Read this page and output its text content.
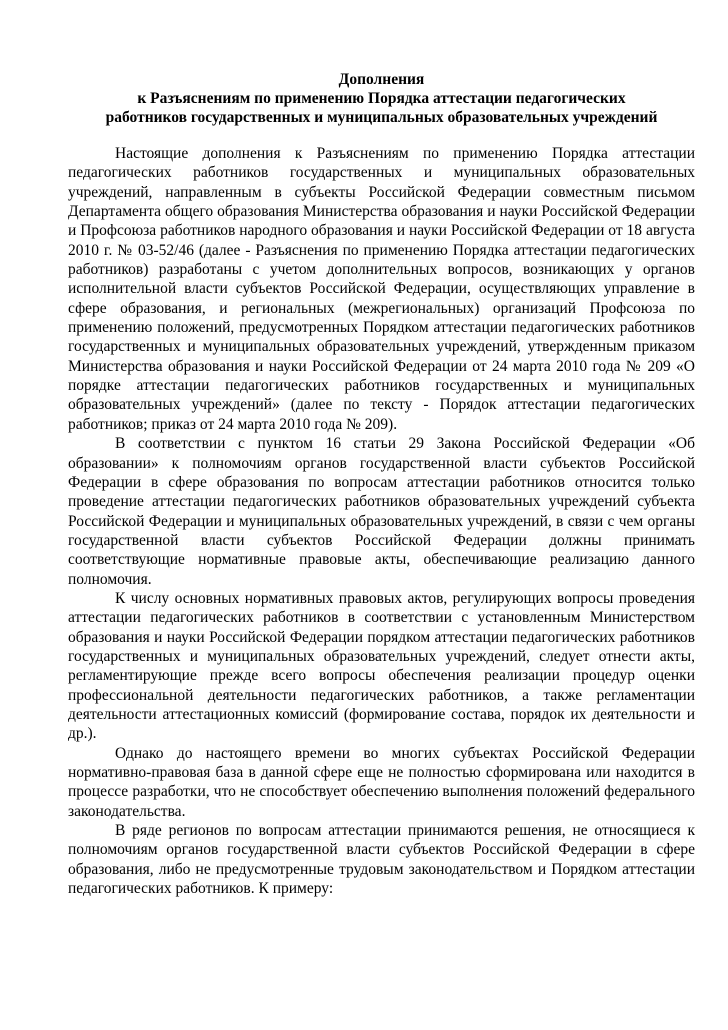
Дополнения
к Разъяснениям по применению Порядка аттестации педагогических
работников государственных и муниципальных образовательных учреждений

Настоящие дополнения к Разъяснениям по применению Порядка аттестации педагогических работников государственных и муниципальных образовательных учреждений, направленным в субъекты Российской Федерации совместным письмом Департамента общего образования Министерства образования и науки Российской Федерации и Профсоюза работников народного образования и науки Российской Федерации от 18 августа 2010 г. № 03-52/46 (далее - Разъяснения по применению Порядка аттестации педагогических работников) разработаны с учетом дополнительных вопросов, возникающих у органов исполнительной власти субъектов Российской Федерации, осуществляющих управление в сфере образования, и региональных (межрегиональных) организаций Профсоюза по применению положений, предусмотренных Порядком аттестации педагогических работников государственных и муниципальных образовательных учреждений, утвержденным приказом Министерства образования и науки Российской Федерации от 24 марта 2010 года № 209 «О порядке аттестации педагогических работников государственных и муниципальных образовательных учреждений» (далее по тексту - Порядок аттестации педагогических работников; приказ от 24 марта 2010 года № 209).

В соответствии с пунктом 16 статьи 29 Закона Российской Федерации «Об образовании» к полномочиям органов государственной власти субъектов Российской Федерации в сфере образования по вопросам аттестации работников относится только проведение аттестации педагогических работников образовательных учреждений субъекта Российской Федерации и муниципальных образовательных учреждений, в связи с чем органы государственной власти субъектов Российской Федерации должны принимать соответствующие нормативные правовые акты, обеспечивающие реализацию данного полномочия.

К числу основных нормативных правовых актов, регулирующих вопросы проведения аттестации педагогических работников в соответствии с установленным Министерством образования и науки Российской Федерации порядком аттестации педагогических работников государственных и муниципальных образовательных учреждений, следует отнести акты, регламентирующие прежде всего вопросы обеспечения реализации процедур оценки профессиональной деятельности педагогических работников, а также регламентации деятельности аттестационных комиссий (формирование состава, порядок их деятельности и др.).

Однако до настоящего времени во многих субъектах Российской Федерации нормативно-правовая база в данной сфере еще не полностью сформирована или находится в процессе разработки, что не способствует обеспечению выполнения положений федерального законодательства.

В ряде регионов по вопросам аттестации принимаются решения, не относящиеся к полномочиям органов государственной власти субъектов Российской Федерации в сфере образования, либо не предусмотренные трудовым законодательством и Порядком аттестации педагогических работников. К примеру:
